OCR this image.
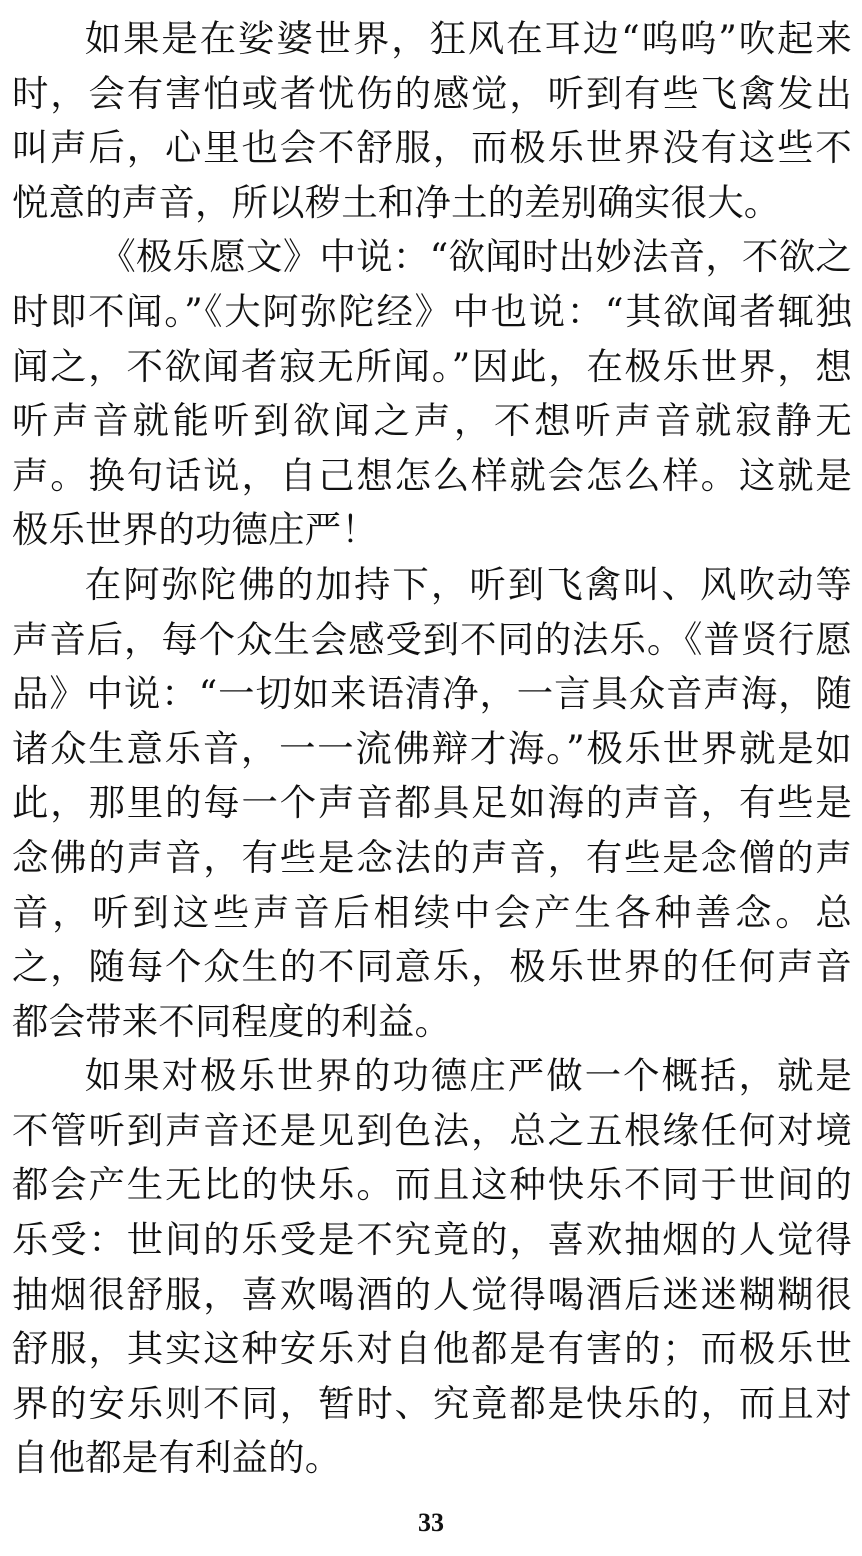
如果是在娑婆世界，狂风在耳边“呜呜”吹起来时，会有害怕或者忧伤的感觉，听到有些飞禽发出叫声后，心里也会不舒服，而极乐世界没有这些不悦意的声音，所以秽土和净土的差别确实很大。

《极乐愿文》中说：“欲闻时出妙法音，不欲之时即不闻。”《大阿弥陀经》中也说：“其欲闻者辄独闻之，不欲闻者寂无所闻。”因此，在极乐世界，想听声音就能听到欲闻之声，不想听声音就寂静无声。换句话说，自己想怎么样就会怎么样。这就是极乐世界的功德庄严！

在阿弥陀佛的加持下，听到飞禽叫、风吹动等声音后，每个众生会感受到不同的法乐。《普贤行愿品》中说：“一切如来语清净，一言具众音声海，随诸众生意乐音，一一流佛辩才海。”极乐世界就是如此，那里的每一个声音都具足如海的声音，有些是念佛的声音，有些是念法的声音，有些是念僧的声音，听到这些声音后相续中会产生各种善念。总之，随每个众生的不同意乐，极乐世界的任何声音都会带来不同程度的利益。

如果对极乐世界的功德庄严做一个概括，就是不管听到声音还是见到色法，总之五根缘任何对境都会产生无比的快乐。而且这种快乐不同于世间的乐受：世间的乐受是不究竟的，喜欢抽烟的人觉得抽烟很舒服，喜欢喝酒的人觉得喝酒后迷迷糊糊很舒服，其实这种安乐对自他都是有害的；而极乐世界的安乐则不同，暂时、究竟都是快乐的，而且对自他都是有利益的。

33
